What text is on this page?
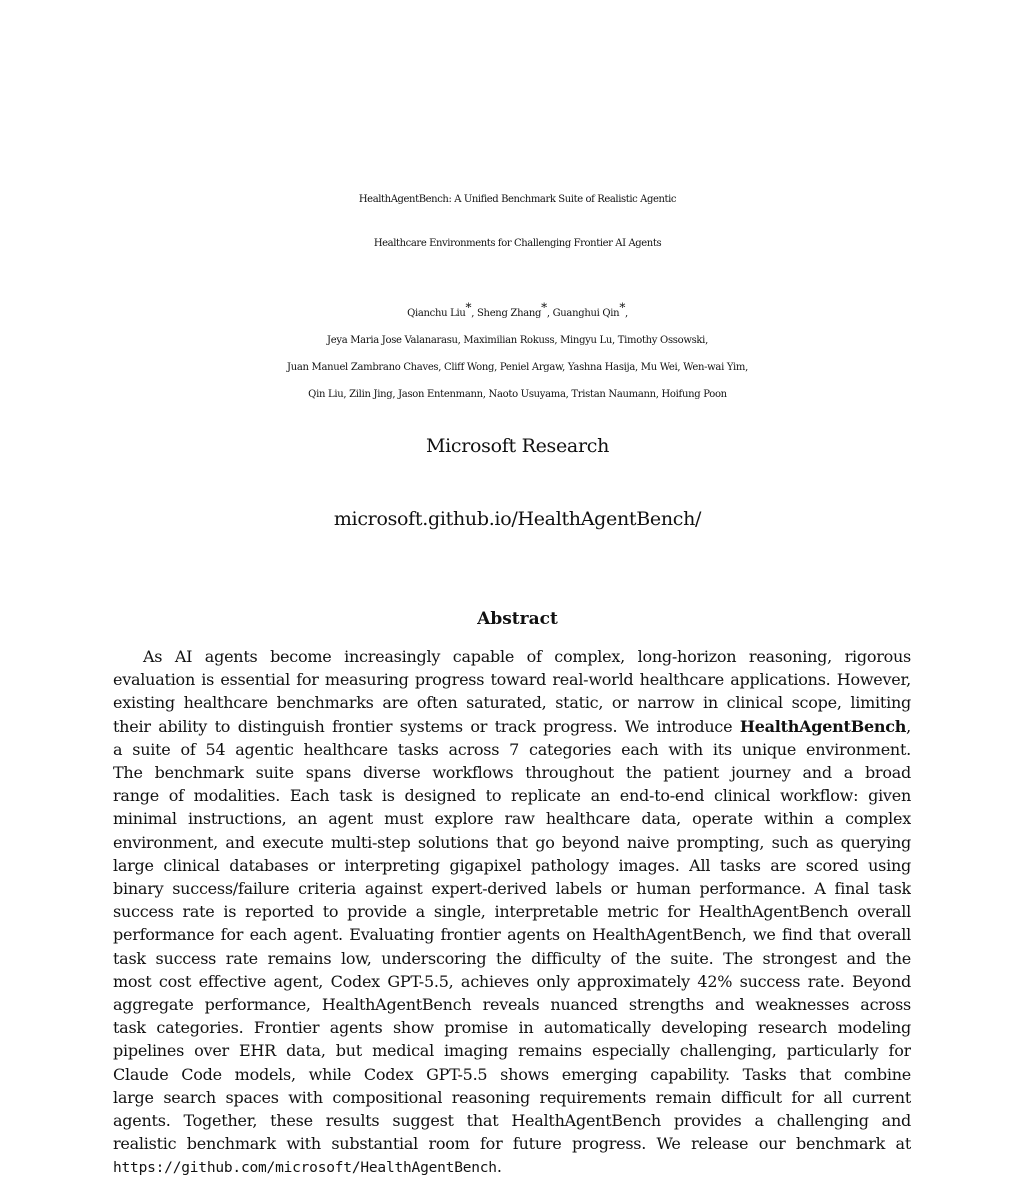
HealthAgentBench: A Unified Benchmark Suite of Realistic Agentic
Healthcare Environments for Challenging Frontier AI Agents
Qianchu Liu*, Sheng Zhang*, Guanghui Qin*,
Jeya Maria Jose Valanarasu, Maximilian Rokuss, Mingyu Lu, Timothy Ossowski,
Juan Manuel Zambrano Chaves, Cliff Wong, Peniel Argaw, Yashna Hasija, Mu Wei, Wen-wai Yim,
Qin Liu, Zilin Jing, Jason Entenmann, Naoto Usuyama, Tristan Naumann, Hoifung Poon
Microsoft Research
microsoft.github.io/HealthAgentBench/
Abstract
As AI agents become increasingly capable of complex, long-horizon reasoning, rigorous
evaluation is essential for measuring progress toward real-world healthcare applications. However,
existing healthcare benchmarks are often saturated, static, or narrow in clinical scope, limiting
their ability to distinguish frontier systems or track progress. We introduce HealthAgentBench,
a suite of 54 agentic healthcare tasks across 7 categories each with its unique environment.
The benchmark suite spans diverse workflows throughout the patient journey and a broad
range of modalities. Each task is designed to replicate an end-to-end clinical workflow: given
minimal instructions, an agent must explore raw healthcare data, operate within a complex
environment, and execute multi-step solutions that go beyond naive prompting, such as querying
large clinical databases or interpreting gigapixel pathology images. All tasks are scored using
binary success/failure criteria against expert-derived labels or human performance. A final task
success rate is reported to provide a single, interpretable metric for HealthAgentBench overall
performance for each agent. Evaluating frontier agents on HealthAgentBench, we find that overall
task success rate remains low, underscoring the difficulty of the suite. The strongest and the
most cost effective agent, Codex GPT-5.5, achieves only approximately 42% success rate. Beyond
aggregate performance, HealthAgentBench reveals nuanced strengths and weaknesses across
task categories. Frontier agents show promise in automatically developing research modeling
pipelines over EHR data, but medical imaging remains especially challenging, particularly for
Claude Code models, while Codex GPT-5.5 shows emerging capability. Tasks that combine
large search spaces with compositional reasoning requirements remain difficult for all current
agents. Together, these results suggest that HealthAgentBench provides a challenging and
realistic benchmark with substantial room for future progress. We release our benchmark at
https://github.com/microsoft/HealthAgentBench.
